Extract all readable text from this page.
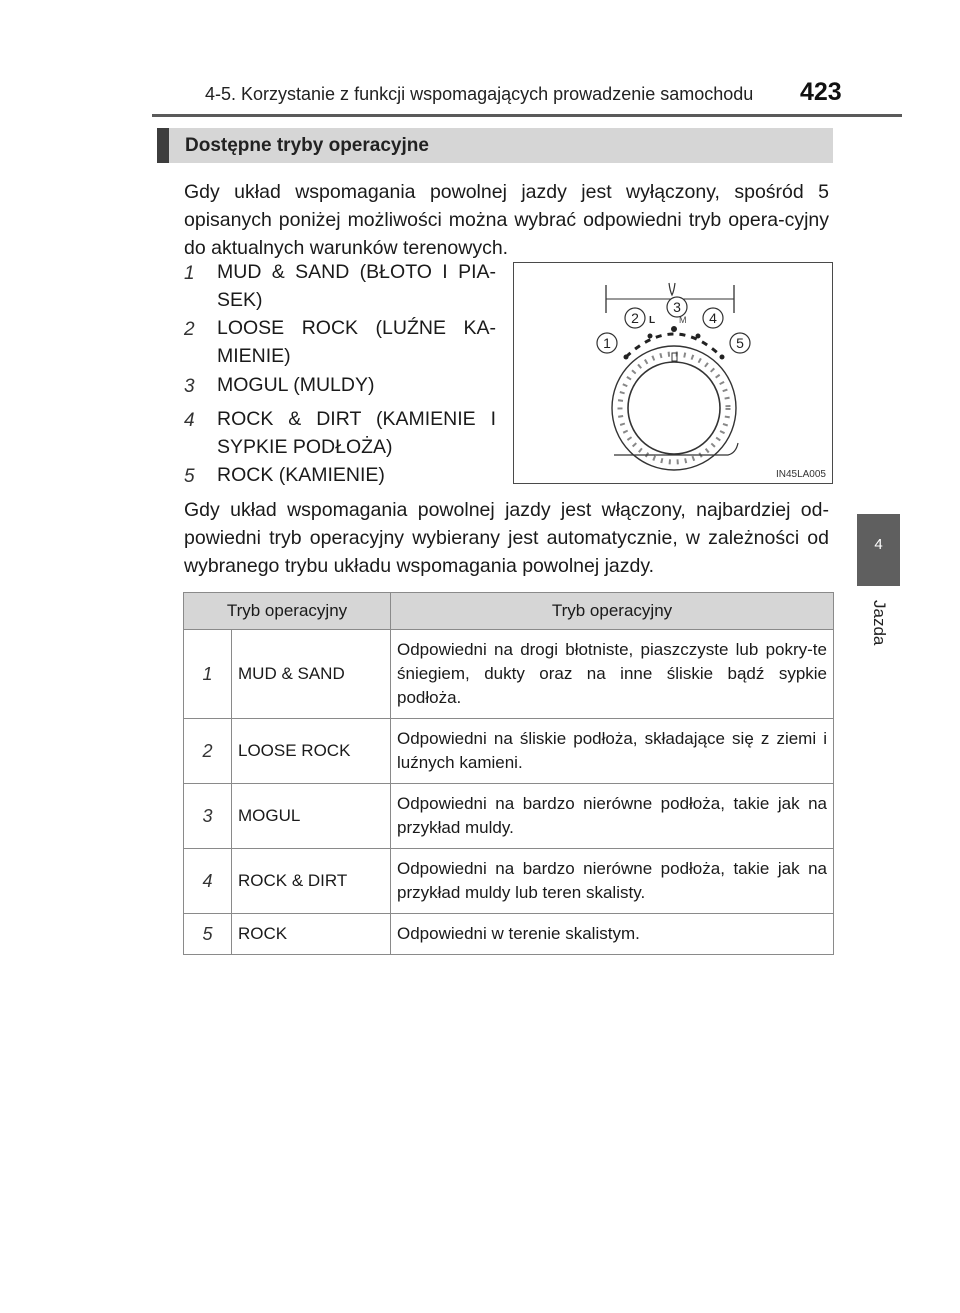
4-5. Korzystanie z funkcji wspomagających prowadzenie samochodu 423
4
Jazda
Dostępne tryby operacyjne
Gdy układ wspomagania powolnej jazdy jest wyłączony, spośród 5 opisanych poniżej możliwości można wybrać odpowiedni tryb opera-cyjny do aktualnych warunków terenowych.
1 MUD & SAND (BŁOTO I PIA-SEK)
2 LOOSE ROCK (LUŹNE KA-MIENIE)
3 MOGUL (MULDY)
4 ROCK & DIRT (KAMIENIE I SYPKIE PODŁOŻA)
5 ROCK (KAMIENIE)
L	M
1
2
3
4
5
IN45LA005
Gdy układ wspomagania powolnej jazdy jest włączony, najbardziej od-powiedni tryb operacyjny wybierany jest automatycznie, w zależności od wybranego trybu układu wspomagania powolnej jazdy.
Tryb operacyjny		Tryb operacyjny
1	MUD & SAND	Odpowiedni na drogi błotniste, piaszczyste lub pokry-te śniegiem, dukty oraz na inne śliskie bądź sypkie podłoża.
2	LOOSE ROCK	Odpowiedni na śliskie podłoża, składające się z ziemi i luźnych kamieni.
3	MOGUL	Odpowiedni na bardzo nierówne podłoża, takie jak na przykład muldy.
4	ROCK & DIRT	Odpowiedni na bardzo nierówne podłoża, takie jak na przykład muldy lub teren skalisty.
5	ROCK	Odpowiedni w terenie skalistym.
